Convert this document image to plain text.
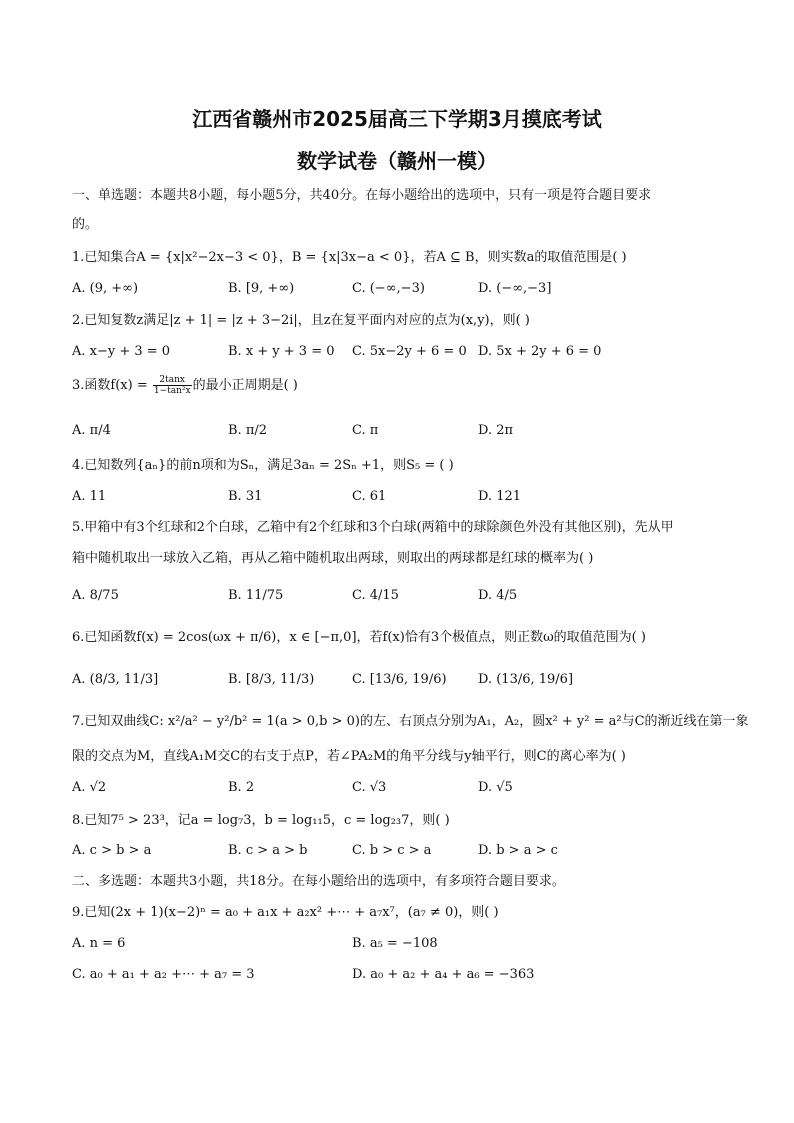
江西省赣州市2025届高三下学期3月摸底考试
数学试卷（赣州一模）
一、单选题：本题共8小题，每小题5分，共40分。在每小题给出的选项中，只有一项是符合题目要求
的。
1.已知集合A = {x|x²−2x−3 < 0}，B = {x|3x−a < 0}，若A ⊆ B，则实数a的取值范围是( )
A. (9, +∞)	B. [9, +∞)	C. (−∞,−3)	D. (−∞,−3]
2.已知复数z满足|z + 1| = |z + 3−2i|，且z在复平面内对应的点为(x,y)，则( )
A. x−y + 3 = 0	B. x + y + 3 = 0 C. 5x−2y + 6 = 0 D. 5x + 2y + 6 = 0
3.函数$f(x) = \frac{2\tan x}{\text{1−tan²x}}$ 的最小正周期是( )
A. π/4	B. π/2	C. π	D. 2π
4.已知数列{aₙ}的前n项和为Sₙ，满足3aₙ = 2Sₙ +1，则S₅ = ( )
A. 11	B. 31	C. 61	D. 121
5.甲箱中有3个红球和2个白球，乙箱中有2个红球和3个白球(两箱中的球除颜色外没有其他区别)，先从甲
箱中随机取出一球放入乙箱，再从乙箱中随机取出两球，则取出的两球都是红球的概率为( )
A. 8/75	B. 11/75	C. 4/15	D. 4/5
6.已知函数f(x) = 2cos(ωx + π/6)，x ∈ [−π,0]，若f(x)恰有3个极值点，则正数ω的取值范围为( )
A. (8/3, 11/3]	B. [8/3, 11/3)	C. [13/6, 19/6) D. (13/6, 19/6]
7.已知双曲线C: x²/a² − y²/b² = 1(a > 0,b > 0)的左、右顶点分别为A₁，A₂，圆x² + y² = a²与C的渐近线在第一象
限的交点为M，直线A₁M交C的右支于点P，若∠PA₂M的角平分线与y轴平行，则C的离心率为( )
A. √2	B. 2	C. √3	D. √5
8.已知7⁵ > 23³，记a = log₇3，b = log₁₁5，c = log₂₃7，则( )
A. c > b > a	B. c > a > b	C. b > c > a	D. b > a > c
二、多选题：本题共3小题，共18分。在每小题给出的选项中，有多项符合题目要求。
9.已知(2x + 1)(x−2)ⁿ = a₀ + a₁x + a₂x² +⋯ + a₇x⁷，(a₇ ≠ 0)，则( )
A. n = 6	B. a₅ = −108
C. a₀ + a₁ + a₂ +⋯ + a₇ = 3	D. a₀ + a₂ + a₄ + a₆ = −363
